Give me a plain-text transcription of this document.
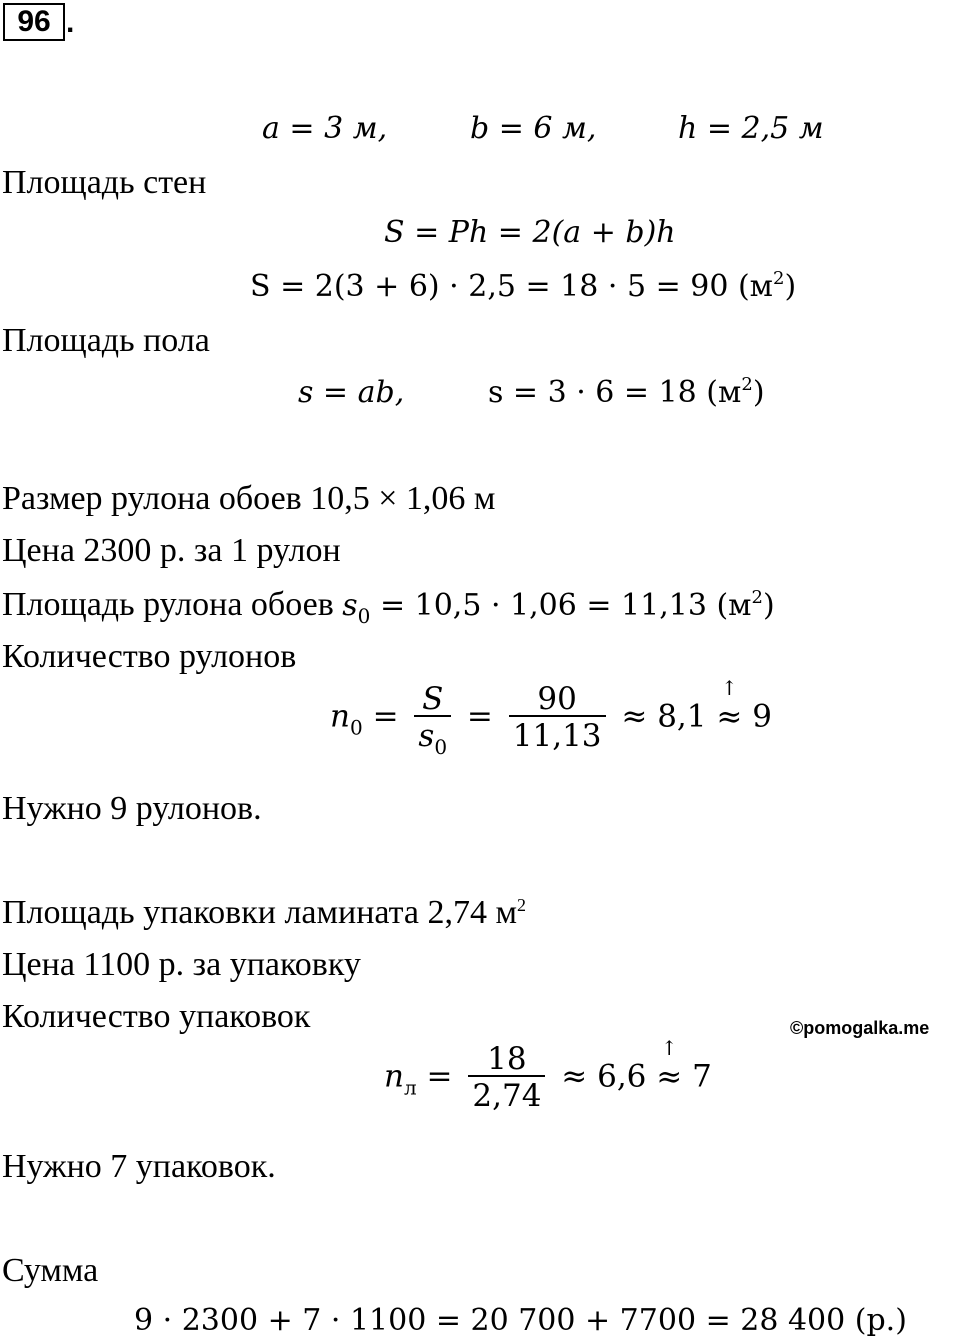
96 .
a = 3 м,	b = 6 м,	h = 2,5 м
Площадь стен
S = Ph = 2(a + b)h
S = 2(3 + 6) · 2,5 = 18 · 5 = 90 $(м^2)$
Площадь пола
s = ab,	s = 3 · 6 = 18 $(м^2)$
Размер рулона обоев 10,5 × 1,06 м
Цена 2300 р. за 1 рулон
Площадь рулона обоев $s_0 = 10,5 \cdot 1,06 = 11,13$ $(м^2)$
Количество рулонов
$n_0 = \frac{S}{s_0} = \frac{90}{11,13} \approx 8,1$
↑
≈ 9
Нужно 9 рулонов.
Площадь упаковки ламината 2,74 $м^2$
Цена 1100 р. за упаковку
Количество упаковок	©pomogalka.me
$n_л = \frac{18}{2,74} \approx 6,6$
↑
≈ 7
Нужно 7 упаковок.
Сумма
9 · 2300 + 7 · 1100 = 20 700 + 7700 = 28 400 (р.)
